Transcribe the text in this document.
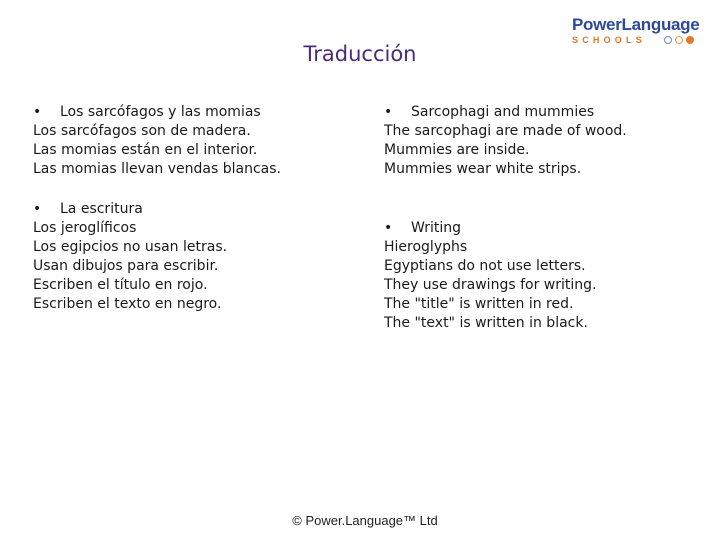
PowerLanguage
SCHOOLS
Traducción
• Los sarcófagos y las momias
Los sarcófagos son de madera.
Las momias están en el interior.
Las momias llevan vendas blancas.
• La escritura
Los jeroglíficos
Los egipcios no usan letras.
Usan dibujos para escribir.
Escriben el título en rojo.
Escriben el texto en negro.
• Sarcophagi and mummies
The sarcophagi are made of wood.
Mummies are inside.
Mummies wear white strips.
• Writing
Hieroglyphs
Egyptians do not use letters.
They use drawings for writing.
The "title" is written in red.
The "text" is written in black.
© Power.Language™ Ltd
